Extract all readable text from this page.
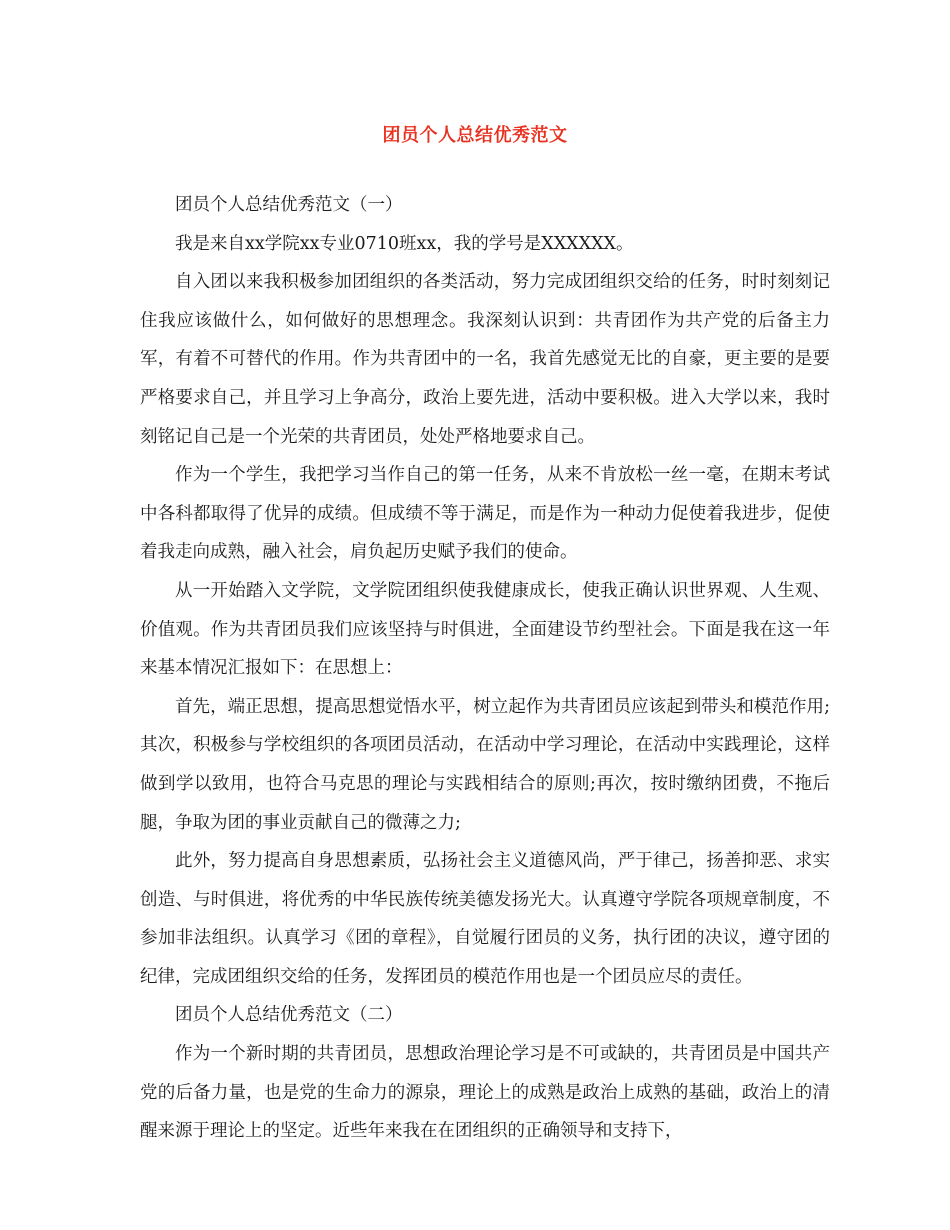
团员个人总结优秀范文

团员个人总结优秀范文（一）

我是来自xx学院xx专业0710班xx，我的学号是XXXXXX。

自入团以来我积极参加团组织的各类活动，努力完成团组织交给的任务，时时刻刻记住我应该做什么，如何做好的思想理念。我深刻认识到：共青团作为共产党的后备主力军，有着不可替代的作用。作为共青团中的一名，我首先感觉无比的自豪，更主要的是要严格要求自己，并且学习上争高分，政治上要先进，活动中要积极。进入大学以来，我时刻铭记自己是一个光荣的共青团员，处处严格地要求自己。

作为一个学生，我把学习当作自己的第一任务，从来不肯放松一丝一毫，在期末考试中各科都取得了优异的成绩。但成绩不等于满足，而是作为一种动力促使着我进步，促使着我走向成熟，融入社会，肩负起历史赋予我们的使命。

从一开始踏入文学院，文学院团组织使我健康成长，使我正确认识世界观、人生观、价值观。作为共青团员我们应该坚持与时俱进，全面建设节约型社会。下面是我在这一年来基本情况汇报如下：在思想上：

首先，端正思想，提高思想觉悟水平，树立起作为共青团员应该起到带头和模范作用;其次，积极参与学校组织的各项团员活动，在活动中学习理论，在活动中实践理论，这样做到学以致用，也符合马克思的理论与实践相结合的原则;再次，按时缴纳团费，不拖后腿，争取为团的事业贡献自己的微薄之力;

此外，努力提高自身思想素质，弘扬社会主义道德风尚，严于律己，扬善抑恶、求实创造、与时俱进，将优秀的中华民族传统美德发扬光大。认真遵守学院各项规章制度，不参加非法组织。认真学习《团的章程》，自觉履行团员的义务，执行团的决议，遵守团的纪律，完成团组织交给的任务，发挥团员的模范作用也是一个团员应尽的责任。

团员个人总结优秀范文（二）

作为一个新时期的共青团员，思想政治理论学习是不可或缺的，共青团员是中国共产党的后备力量，也是党的生命力的源泉，理论上的成熟是政治上成熟的基础，政治上的清醒来源于理论上的坚定。近些年来我在在团组织的正确领导和支持下，
